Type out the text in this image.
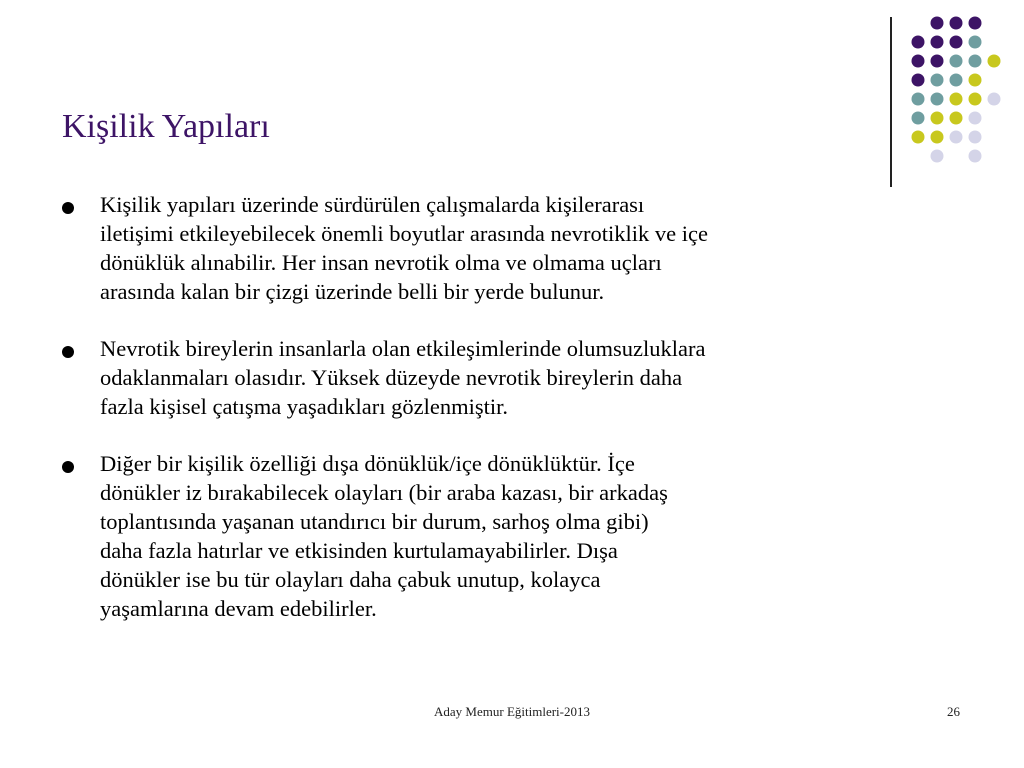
Kişilik Yapıları
Kişilik yapıları üzerinde sürdürülen çalışmalarda kişilerarası
iletişimi etkileyebilecek önemli boyutlar arasında nevrotiklik ve içe
dönüklük alınabilir. Her insan nevrotik olma ve olmama uçları
arasında kalan bir çizgi üzerinde belli bir yerde bulunur.
Nevrotik bireylerin insanlarla olan etkileşimlerinde olumsuzluklara
odaklanmaları olasıdır. Yüksek düzeyde nevrotik bireylerin daha
fazla kişisel çatışma yaşadıkları gözlenmiştir.
Diğer bir kişilik özelliği dışa dönüklük/içe dönüklüktür. İçe
dönükler iz bırakabilecek olayları (bir araba kazası, bir arkadaş
toplantısında yaşanan utandırıcı bir durum, sarhoş olma gibi)
daha fazla hatırlar ve etkisinden kurtulamayabilirler. Dışa
dönükler ise bu tür olayları daha çabuk unutup, kolayca
yaşamlarına devam edebilirler.
Aday Memur Eğitimleri-2013	26
